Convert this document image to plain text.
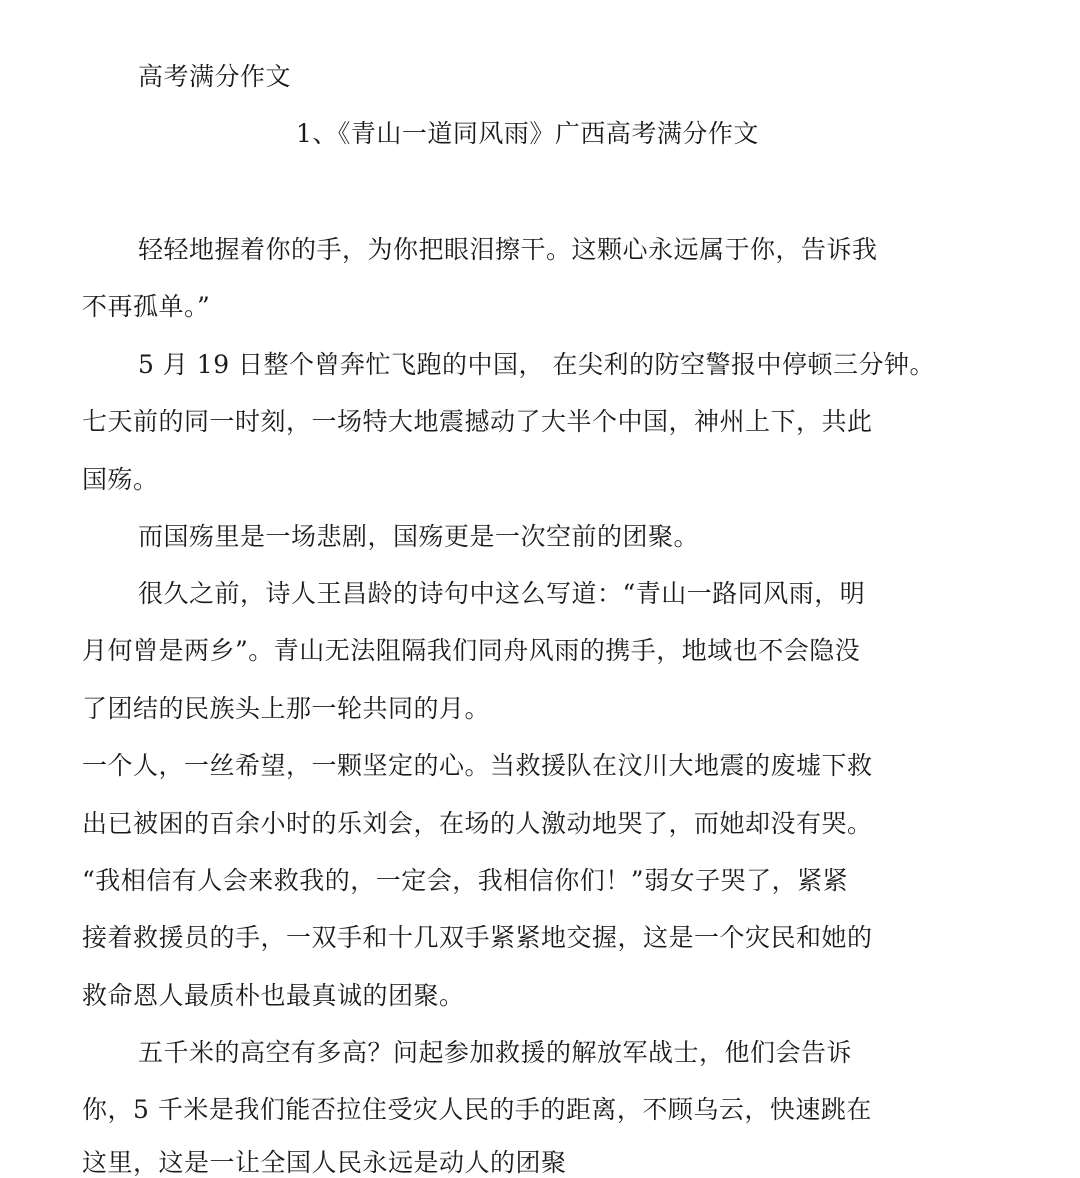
高考满分作文
1、《青山一道同风雨》广西高考满分作文
轻轻地握着你的手，为你把眼泪擦干。这颗心永远属于你，告诉我
不再孤单。”
5 月 19 日整个曾奔忙飞跑的中国， 在尖利的防空警报中停顿三分钟。
七天前的同一时刻，一场特大地震撼动了大半个中国，神州上下，共此
国殇。
而国殇里是一场悲剧，国殇更是一次空前的团聚。
很久之前，诗人王昌龄的诗句中这么写道：“青山一路同风雨，明
月何曾是两乡”。青山无法阻隔我们同舟风雨的携手，地域也不会隐没
了团结的民族头上那一轮共同的月。
一个人，一丝希望，一颗坚定的心。当救援队在汶川大地震的废墟下救
出已被困的百余小时的乐刘会，在场的人激动地哭了，而她却没有哭。
“我相信有人会来救我的，一定会，我相信你们！”弱女子哭了，紧紧
接着救援员的手，一双手和十几双手紧紧地交握，这是一个灾民和她的
救命恩人最质朴也最真诚的团聚。
五千米的高空有多高？问起参加救援的解放军战士，他们会告诉
你，5 千米是我们能否拉住受灾人民的手的距离，不顾乌云，快速跳在
这里，这是一让全国人民永远是动人的团聚
